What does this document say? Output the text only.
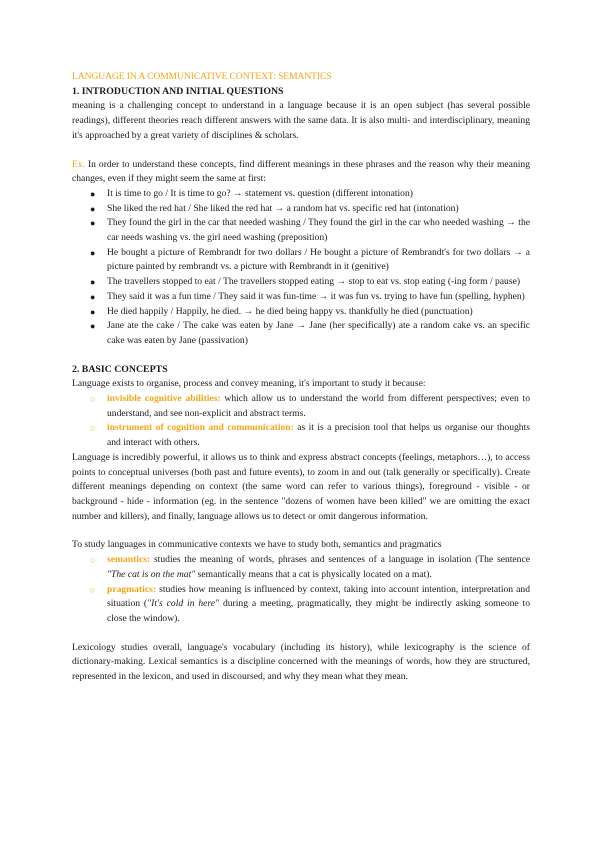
LANGUAGE IN A COMMUNICATIVE CONTEXT: SEMANTICS

1. INTRODUCTION AND INITIAL QUESTIONS

meaning is a challenging concept to understand in a language because it is an open subject (has several possible readings), different theories reach different answers with the same data. It is also multi- and interdisciplinary, meaning it's approached by a great variety of disciplines & scholars.

Ex. In order to understand these concepts, find different meanings in these phrases and the reason why their meaning changes, even if they might seem the same at first:

● It is time to go / It is time to go? → statement vs. question (different intonation)
● She liked the red hat / She liked the red hat → a random hat vs. specific red hat (intonation)
● They found the girl in the car that needed washing / They found the girl in the car who needed washing → the car needs washing vs. the girl need washing (preposition)
● He bought a picture of Rembrandt for two dollars / He bought a picture of Rembrandt's for two dollars → a picture painted by rembrandt vs. a picture with Rembrandt in it (genitive)
● The travellers stopped to eat / The travellers stopped eating → stop to eat vs. stop eating (-ing form / pause)
● They said it was a fun time / They said it was fun-time → it was fun vs. trying to have fun (spelling, hyphen)
● He died happily / Happily, he died. → he died being happy vs. thankfully he died (punctuation)
● Jane ate the cake / The cake was eaten by Jane → Jane (her specifically) ate a random cake vs. an specific cake was eaten by Jane (passivation)
2. BASIC CONCEPTS

Language exists to organise, process and convey meaning, it's important to study it because:

○ invisible cognitive abilities: which allow us to understand the world from different perspectives; even to understand, and see non-explicit and abstract terms.
○ instrument of cognition and communication: as it is a precision tool that helps us organise our thoughts and interact with others.

Language is incredibly powerful, it allows us to think and express abstract concepts (feelings, metaphors…), to access points to conceptual universes (both past and future events), to zoom in and out (talk generally or specifically). Create different meanings depending on context (the same word can refer to various things), foreground - visible - or background - hide - information (eg. in the sentence "dozens of women have been killed" we are omitting the exact number and killers), and finally, language allows us to detect or omit dangerous information.

To study languages in communicative contexts we have to study both, semantics and pragmatics

○ semantics: studies the meaning of words, phrases and sentences of a language in isolation (The sentence "The cat is on the mat" semantically means that a cat is physically located on a mat).
○ pragmatics: studies how meaning is influenced by context, taking into account intention, interpretation and situation ("It's cold in here" during a meeting, pragmatically, they might be indirectly asking someone to close the window).

Lexicology studies overall, language's vocabulary (including its history), while lexicography is the science of dictionary-making. Lexical semantics is a discipline concerned with the meanings of words, how they are structured, represented in the lexicon, and used in discoursed, and why they mean what they mean.
